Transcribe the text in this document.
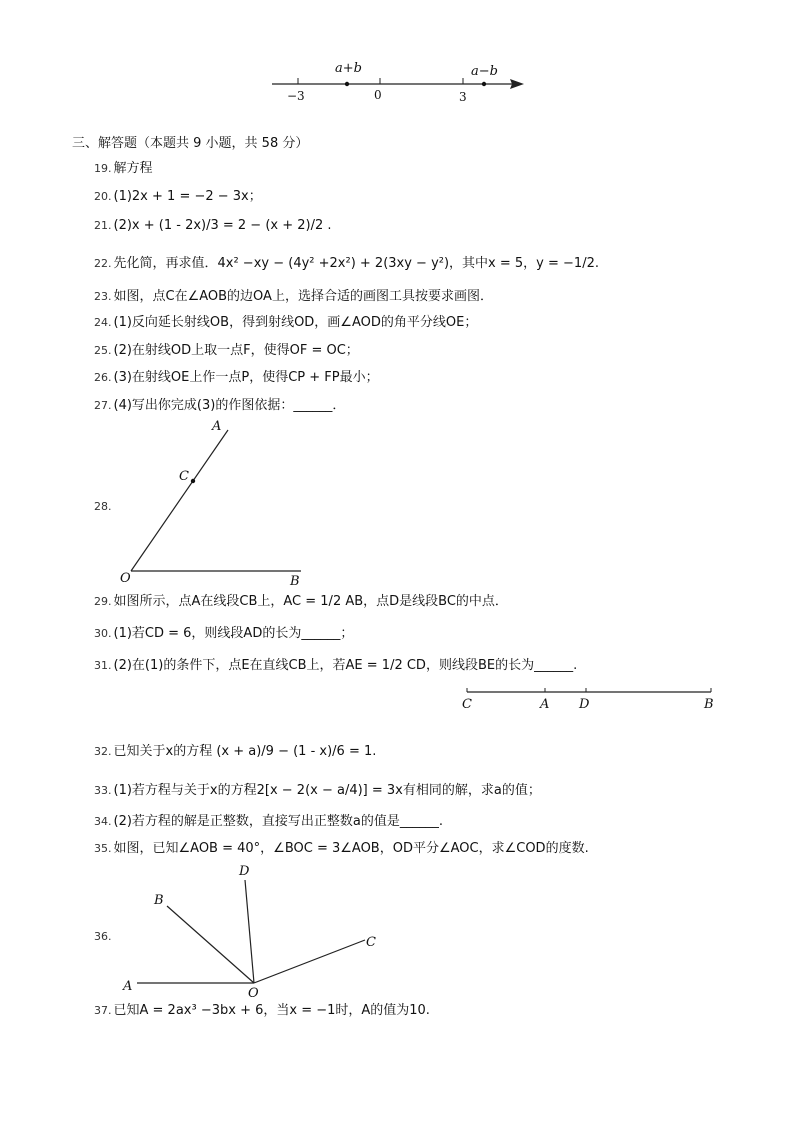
a+b	a−b
−3	0	3
三、解答题（本题共 9 小题，共 58 分）
19. 解方程
20. (1)2x + 1 = −2 − 3x；
21. (2)x + (1 - 2x)/3 = 2 − (x + 2)/2 .
22. 先化简，再求值．4x² −xy − (4y² +2x²) + 2(3xy − y²)，其中x = 5，y = −1/2.
23. 如图，点C在∠AOB的边OA上，选择合适的画图工具按要求画图．
24. (1)反向延长射线OB，得到射线OD，画∠AOD的角平分线OE；
25. (2)在射线OD上取一点F，使得OF = OC；
26. (3)在射线OE上作一点P，使得CP + FP最小；
27. (4)写出你完成(3)的作图依据：______．
28.
A
C
O	B
29. 如图所示，点A在线段CB上，AC = 1/2 AB，点D是线段BC的中点．
30. (1)若CD = 6，则线段AD的长为______；
31. (2)在(1)的条件下，点E在直线CB上，若AE = 1/2 CD，则线段BE的长为______.
C	A D	B
32. 已知关于x的方程 (x + a)/9 − (1 - x)/6 = 1.
33. (1)若方程与关于x的方程2[x − 2(x − a/4)] = 3x有相同的解，求a的值；
34. (2)若方程的解是正整数，直接写出正整数a的值是______.
35. 如图，已知∠AOB = 40°，∠BOC = 3∠AOB，OD平分∠AOC，求∠COD的度数.
36.
A
B
D
C
O
37. 已知A = 2ax³ −3bx + 6，当x = −1时，A的值为10.
